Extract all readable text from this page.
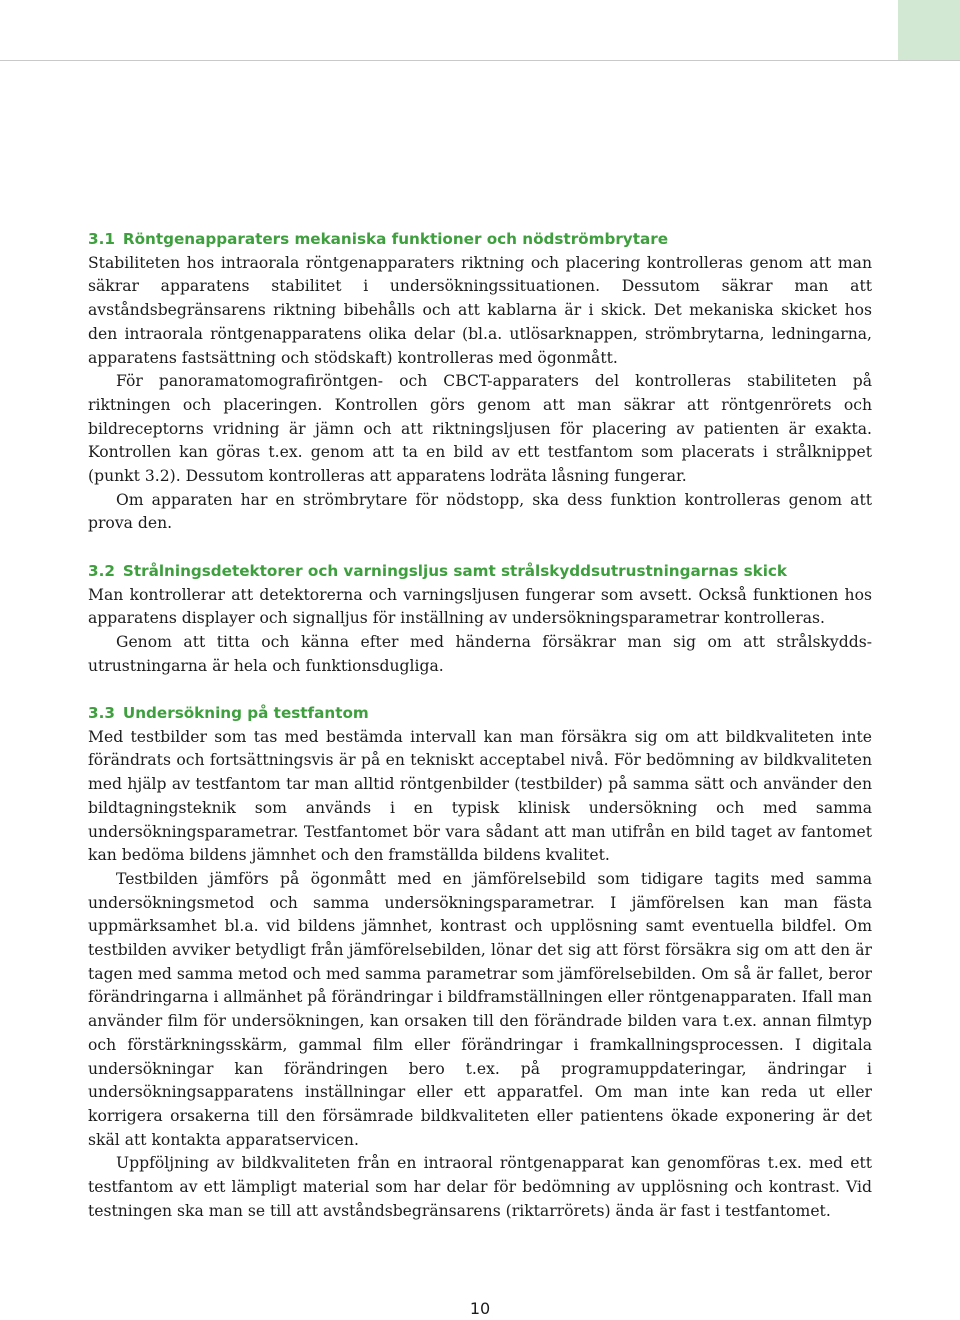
3.1 Röntgenapparaters mekaniska funktioner och nödströmbrytare

Stabiliteten hos intraorala röntgenapparaters riktning och placering kontrolleras genom att man säkrar apparatens stabilitet i undersökningssituationen. Dessutom säkrar man att avståndsbegränsarens riktning bibehålls och att kablarna är i skick. Det mekaniska skicket hos den intraorala röntgenapparatens olika delar (bl.a. utlösarknappen, strömbrytarna, ledningarna, apparatens fastsättning och stödskaft) kontrolleras med ögonmått.

För panoramatomografiröntgen- och CBCT-apparaters del kontrolleras stabiliteten på riktningen och placeringen. Kontrollen görs genom att man säkrar att röntgenrörets och bildreceptorns vridning är jämn och att riktningsljusen för placering av patienten är exakta. Kontrollen kan göras t.ex. genom att ta en bild av ett testfantom som placerats i strålknippet (punkt 3.2). Dessutom kontrolleras att apparatens lodräta låsning fungerar.

Om apparaten har en strömbrytare för nödstopp, ska dess funktion kontrolleras genom att prova den.

3.2 Strålningsdetektorer och varningsljus samt strålskyddsutrustningarnas skick

Man kontrollerar att detektorerna och varningsljusen fungerar som avsett. Också funktionen hos apparatens displayer och signalljus för inställning av undersökningsparametrar kontrolleras.

Genom att titta och känna efter med händerna försäkrar man sig om att strålskyddsutrustningarna är hela och funktionsdugliga.

3.3 Undersökning på testfantom

Med testbilder som tas med bestämda intervall kan man försäkra sig om att bildkvaliteten inte förändrats och fortsättningsvis är på en tekniskt acceptabel nivå. För bedömning av bildkvaliteten med hjälp av testfantom tar man alltid röntgenbilder (testbilder) på samma sätt och använder den bildtagningsteknik som används i en typisk klinisk undersökning och med samma undersökningsparametrar. Testfantomet bör vara sådant att man utifrån en bild taget av fantomet kan bedöma bildens jämnhet och den framställda bildens kvalitet.

Testbilden jämförs på ögonmått med en jämförelsebild som tidigare tagits med samma undersökningsmetod och samma undersökningsparametrar. I jämförelsen kan man fästa uppmärksamhet bl.a. vid bildens jämnhet, kontrast och upplösning samt eventuella bildfel. Om testbilden avviker betydligt från jämförelsebilden, lönar det sig att först försäkra sig om att den är tagen med samma metod och med samma parametrar som jämförelsebilden. Om så är fallet, beror förändringarna i allmänhet på förändringar i bildframställningen eller röntgenapparaten. Ifall man använder film för undersökningen, kan orsaken till den förändrade bilden vara t.ex. annan filmtyp och förstärkningsskärm, gammal film eller förändringar i framkallningsprocessen. I digitala undersökningar kan förändringen bero t.ex. på programuppdateringar, ändringar i undersökningsapparatens inställningar eller ett apparatfel. Om man inte kan reda ut eller korrigera orsakerna till den försämrade bildkvaliteten eller patientens ökade exponering är det skäl att kontakta apparatservicen.

Uppföljning av bildkvaliteten från en intraoral röntgenapparat kan genomföras t.ex. med ett testfantom av ett lämpligt material som har delar för bedömning av upplösning och kontrast. Vid testningen ska man se till att avståndsbegränsarens (riktarrörets) ända är fast i testfantomet.

10
